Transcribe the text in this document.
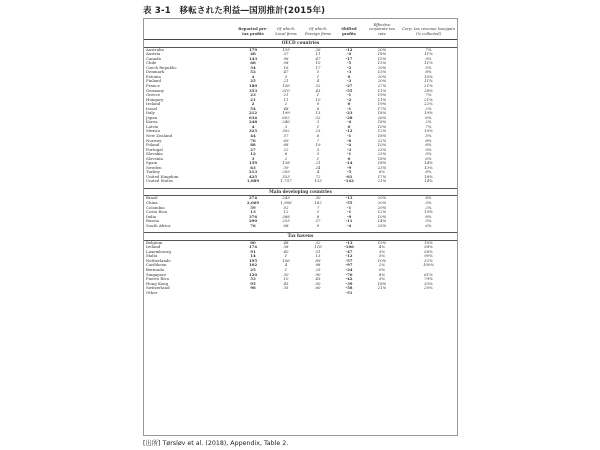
表 3-1　移転された利益―国別推計(2015年)
	Reported pre-tax profits	Of which: Local firms	Of which: Foreign firms	Shifted profits	Effective corporate tax rate	Corp. tax revenue loss/gain (% collected)
OECD countries						
Australia	179	155	26	-12	20%	7%
Austria	48	37	11	-4	18%	11%
Canada	143	96	47	-17	15%	9%
Chile	68	58	10	-5	15%	11%
Czech Republic	34	16	17	-2	20%	5%
Denmark	52	47	5	-3	15%	8%
Estonia	4	3	1	0	20%	10%
Finland	25	21	4	-3	20%	11%
France	180	156	32	-27	27%	21%
Germany	353	310	43	-55	11%	28%
Greece	23	21	1	-1	19%	7%
Hungary	21	11	10	-2	11%	21%
Ireland	2	2	0	0	19%	22%
Israel	54	48	6	-1	17%	2%
Italy	212	199	13	-23	18%	19%
Japan	634	602	32	-28	26%	6%
Korea	248	246	3	-4	18%	2%
Latvia	4	3	1	0	10%	7%
Mexico	325	302	23	-12	12%	10%
New Zealand	44	37	6	-1	18%	5%
Norway	76	69	7	-8	22%	8%
Poland	88	68	19	-4	10%	8%
Portugal	27	22	5	-3	23%	9%
Slovakia	12	6	5	-1	23%	5%
Slovenia	3	2	1	0	18%	6%
Spain	159	138	21	-14	18%	14%
Sweden	63	39	24	-9	23%	13%
Turkey	213	209	4	-5	6%	8%
United Kingdom	425	353	72	-61	17%	18%
United States	1,889	1,757	133	-142	21%	14%

Main developing countries						
Brazil	274	243	30	-13	20%	8%
China	2,069	1,906	162	-55	20%	3%
Colombia	59	52	7	-1	29%	2%
Costa Rica	13	12	1	-1	12%	19%
India	376	368	8	-9	10%	8%
Russia	290	253	37	-11	14%	5%
South Africa	76	68	9	-4	25%	6%

Tax havens						
Belgium	80	48	32	-13	19%	16%
Ireland	174	58	116	-106	4%	58%
Luxembourg	91	40	51	-47	3%	56%
Malta	14	1	13	-12	5%	90%
Netherlands	195	106	89	-57	10%	32%
Caribbean	102	4	98	-97	2%	100%
Bermuda	25	1	25	-24	0%	
Singapore	120	30	90	-70	8%	61%
Puerto Rico	53	10	43	-42	3%	79%
Hong Kong	95	45	50	-39	18%	33%
Switzerland	98	35	60	-58	21%	20%
Other				-51		

[出所] Tørsløv et al. (2018), Appendix, Table 2.
